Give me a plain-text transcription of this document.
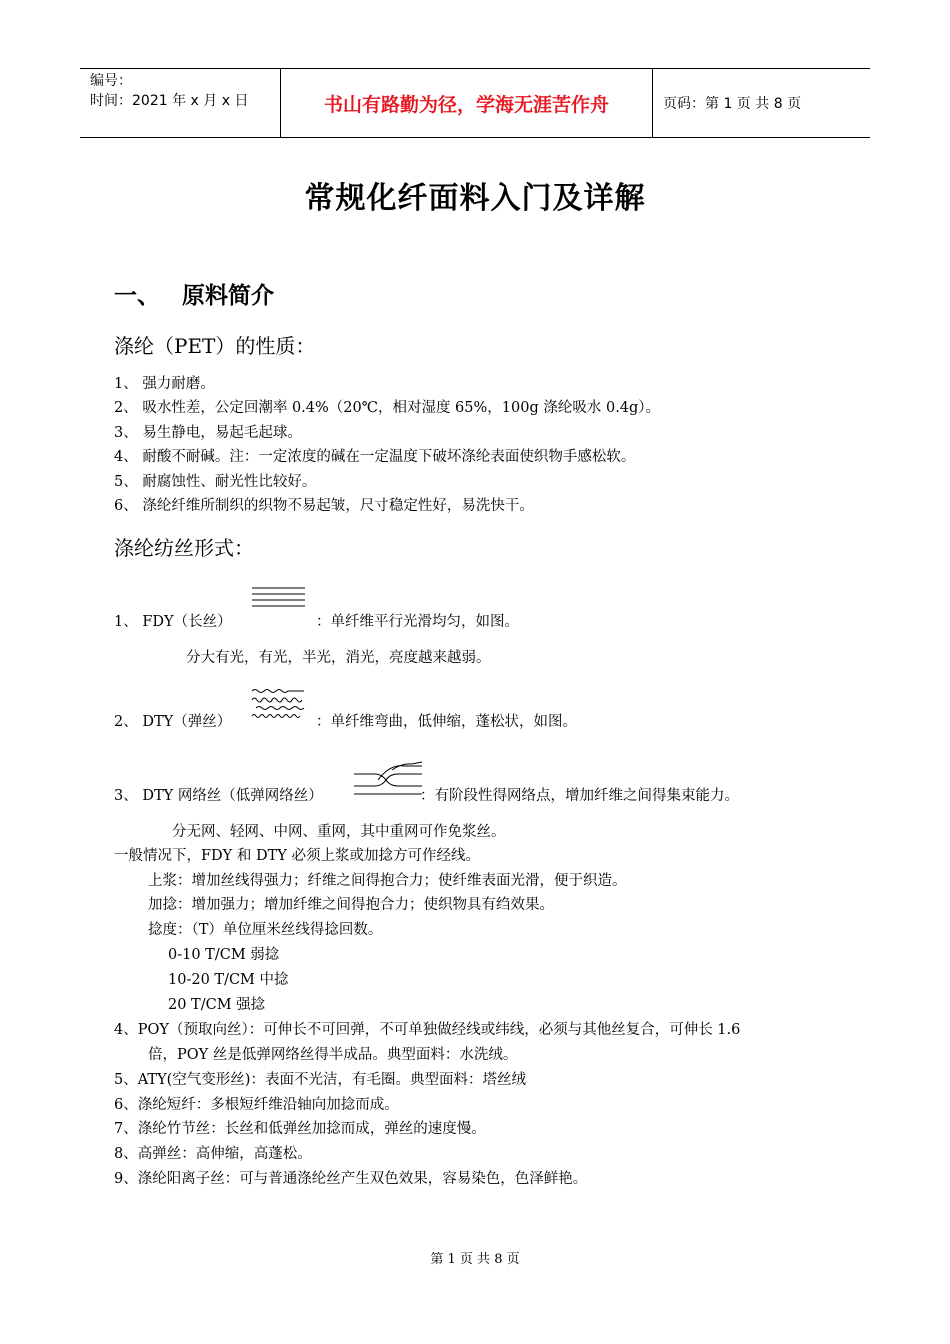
编号：
时间：2021 年 x 月 x 日	书山有路勤为径，学海无涯苦作舟	页码：第 1 页 共 8 页
常规化纤面料入门及详解
一、 原料简介
涤纶（PET）的性质：
1、 强力耐磨。
2、 吸水性差，公定回潮率 0.4%（20℃，相对湿度 65%，100g 涤纶吸水 0.4g）。
3、 易生静电，易起毛起球。
4、 耐酸不耐碱。注：一定浓度的碱在一定温度下破坏涤纶表面使织物手感松软。
5、 耐腐蚀性、耐光性比较好。
6、 涤纶纤维所制织的织物不易起皱，尺寸稳定性好，易洗快干。
涤纶纺丝形式：
1、 FDY（长丝）	：单纤维平行光滑均匀，如图。
分大有光，有光，半光，消光，亮度越来越弱。
2、 DTY（弹丝）	：单纤维弯曲，低伸缩，蓬松状，如图。
3、 DTY 网络丝（低弹网络丝）	：有阶段性得网络点，增加纤维之间得集束能力。
分无网、轻网、中网、重网，其中重网可作免浆丝。
一般情况下，FDY 和 DTY 必须上浆或加捻方可作经线。
上浆：增加丝线得强力；纤维之间得抱合力；使纤维表面光滑，便于织造。
加捻：增加强力；增加纤维之间得抱合力；使织物具有绉效果。
捻度：（T）单位厘米丝线得捻回数。
0-10 T/CM 弱捻
10-20 T/CM 中捻
20 T/CM 强捻
4、POY（预取向丝）：可伸长不可回弹，不可单独做经线或纬线，必须与其他丝复合，可伸长 1.6
倍，POY 丝是低弹网络丝得半成品。典型面料：水洗绒。
5、ATY(空气变形丝)：表面不光洁，有毛圈。典型面料：塔丝绒
6、涤纶短纤：多根短纤维沿轴向加捻而成。
7、涤纶竹节丝：长丝和低弹丝加捻而成，弹丝的速度慢。
8、高弹丝：高伸缩，高蓬松。
9、涤纶阳离子丝：可与普通涤纶丝产生双色效果，容易染色，色泽鲜艳。
第 1 页 共 8 页
